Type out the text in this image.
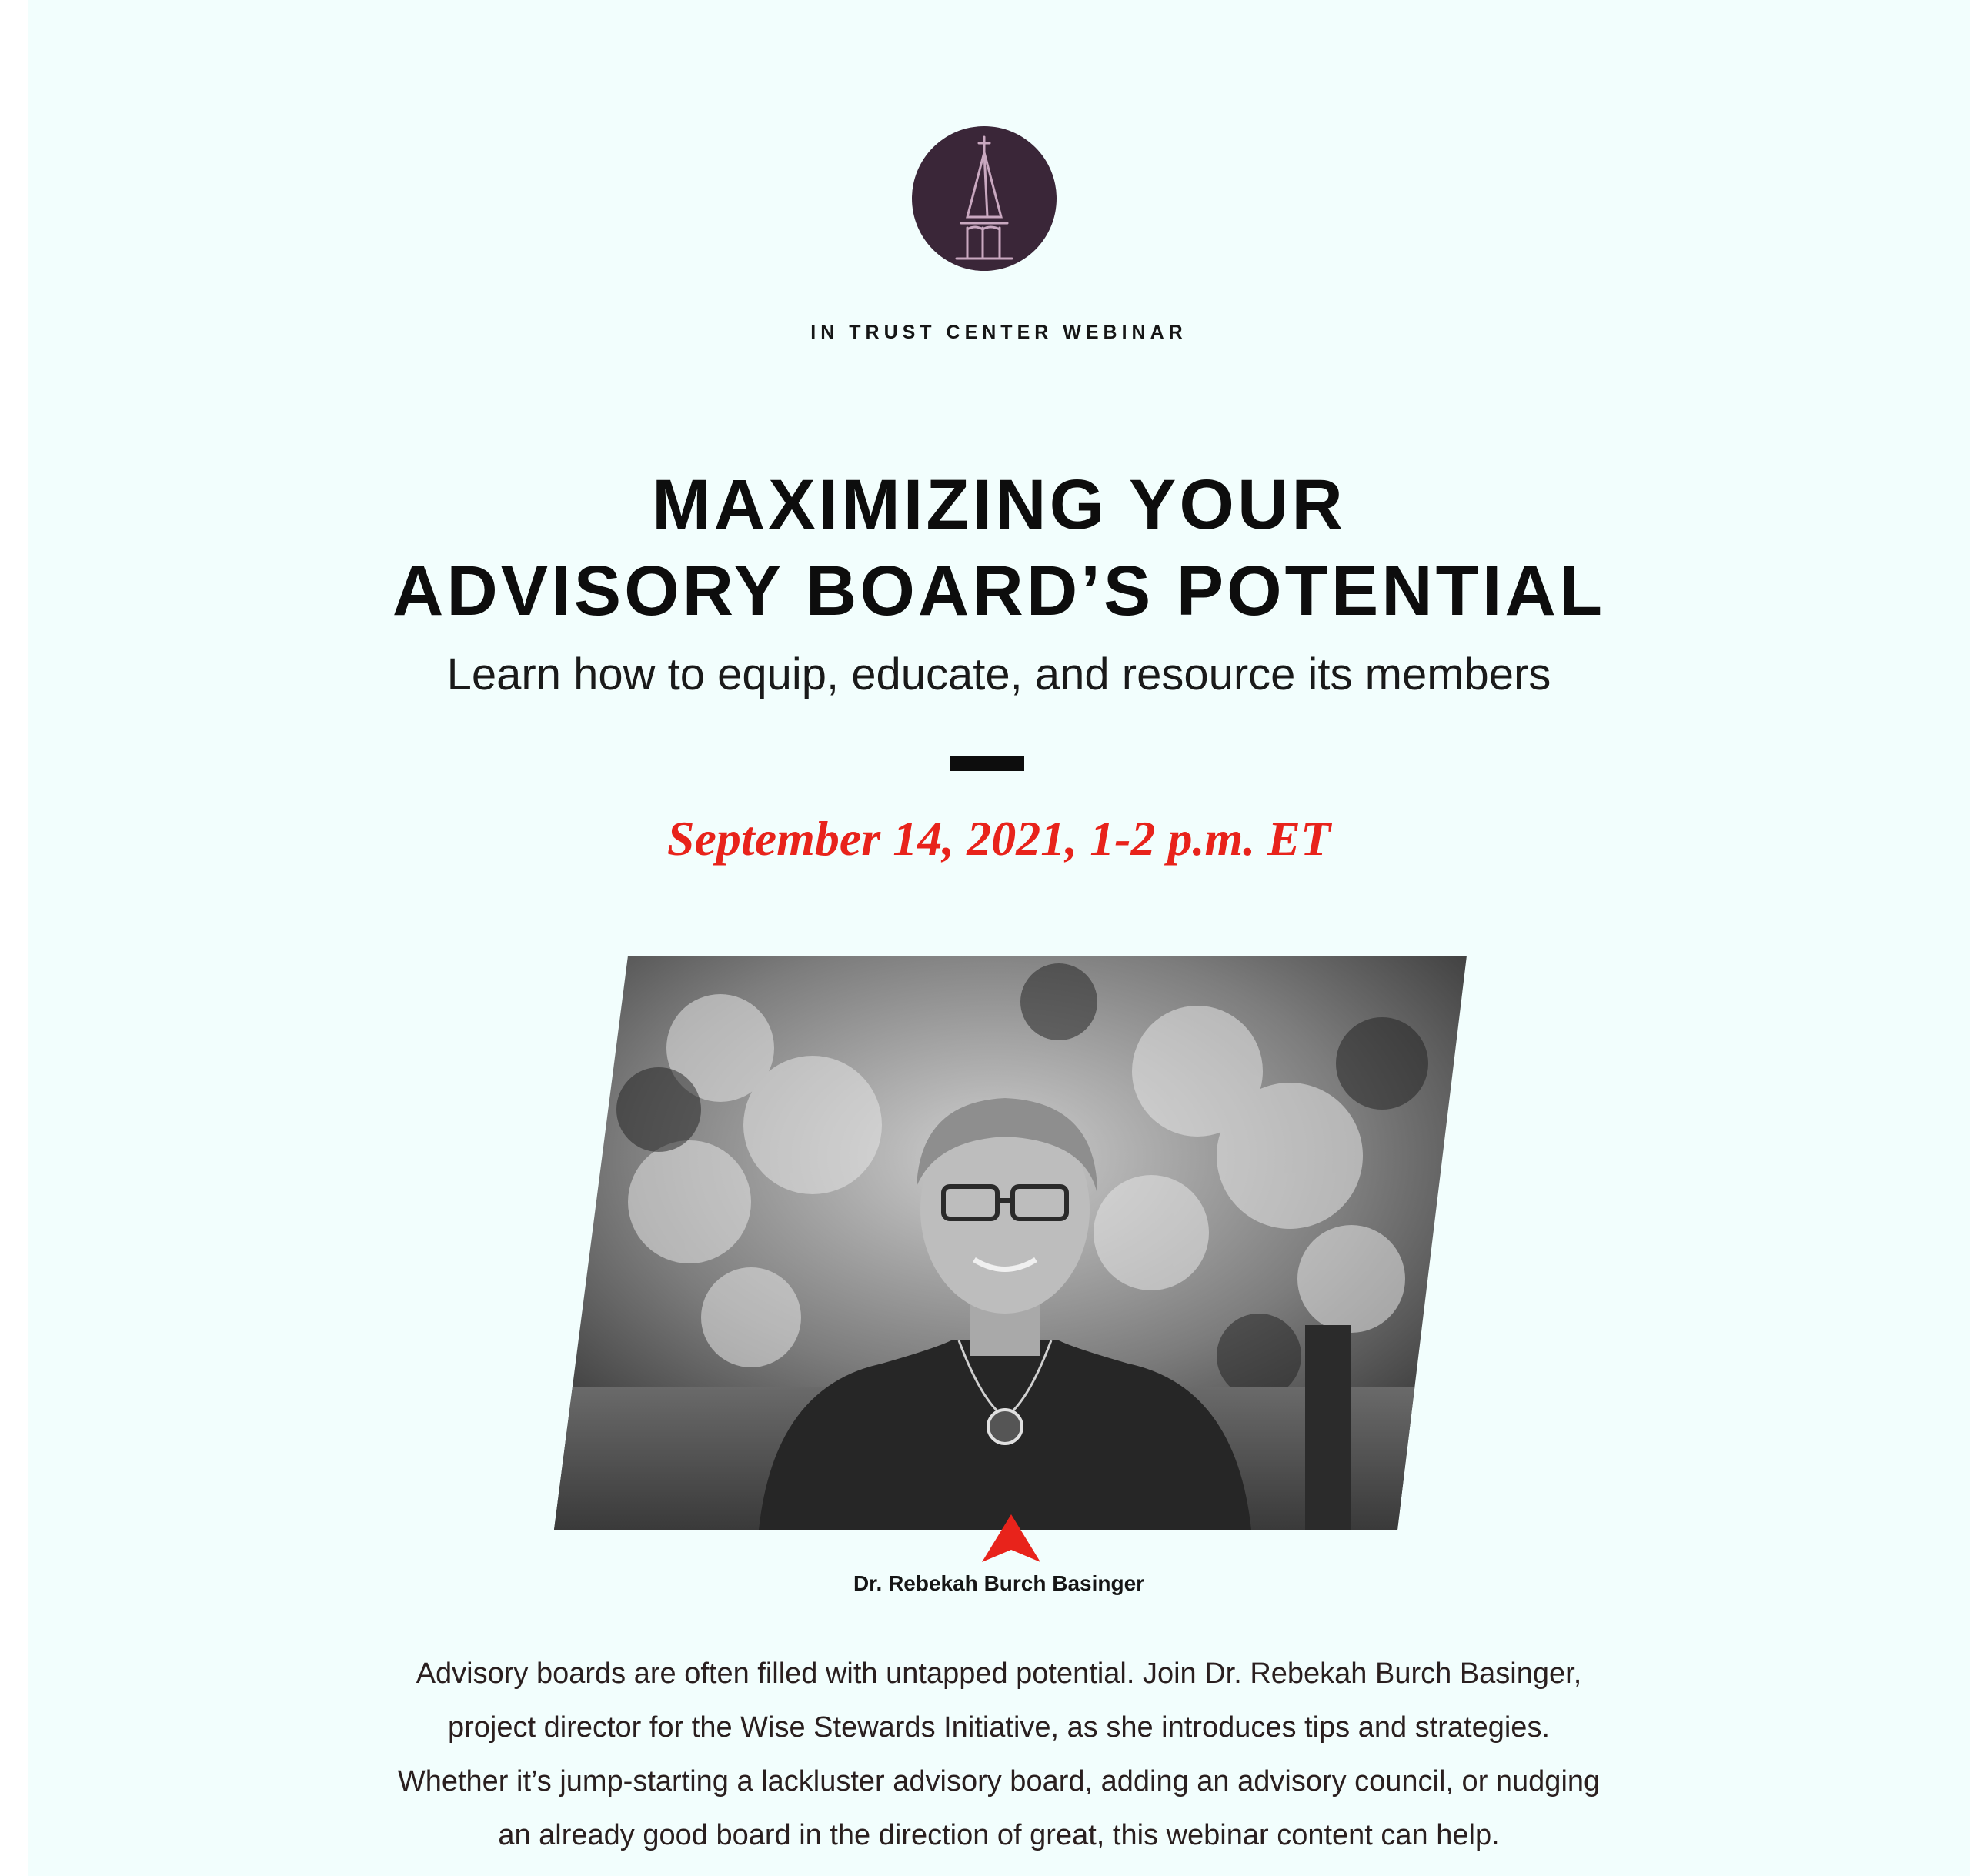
IN TRUST CENTER WEBINAR
MAXIMIZING YOUR
ADVISORY BOARD’S POTENTIAL
Learn how to equip, educate, and resource its members
September 14, 2021, 1-2 p.m. ET
Dr. Rebekah Burch Basinger
Advisory boards are often filled with untapped potential. Join Dr. Rebekah Burch Basinger,
project director for the Wise Stewards Initiative, as she introduces tips and strategies.
Whether it’s jump-starting a lackluster advisory board, adding an advisory council, or nudging
an already good board in the direction of great, this webinar content can help.
